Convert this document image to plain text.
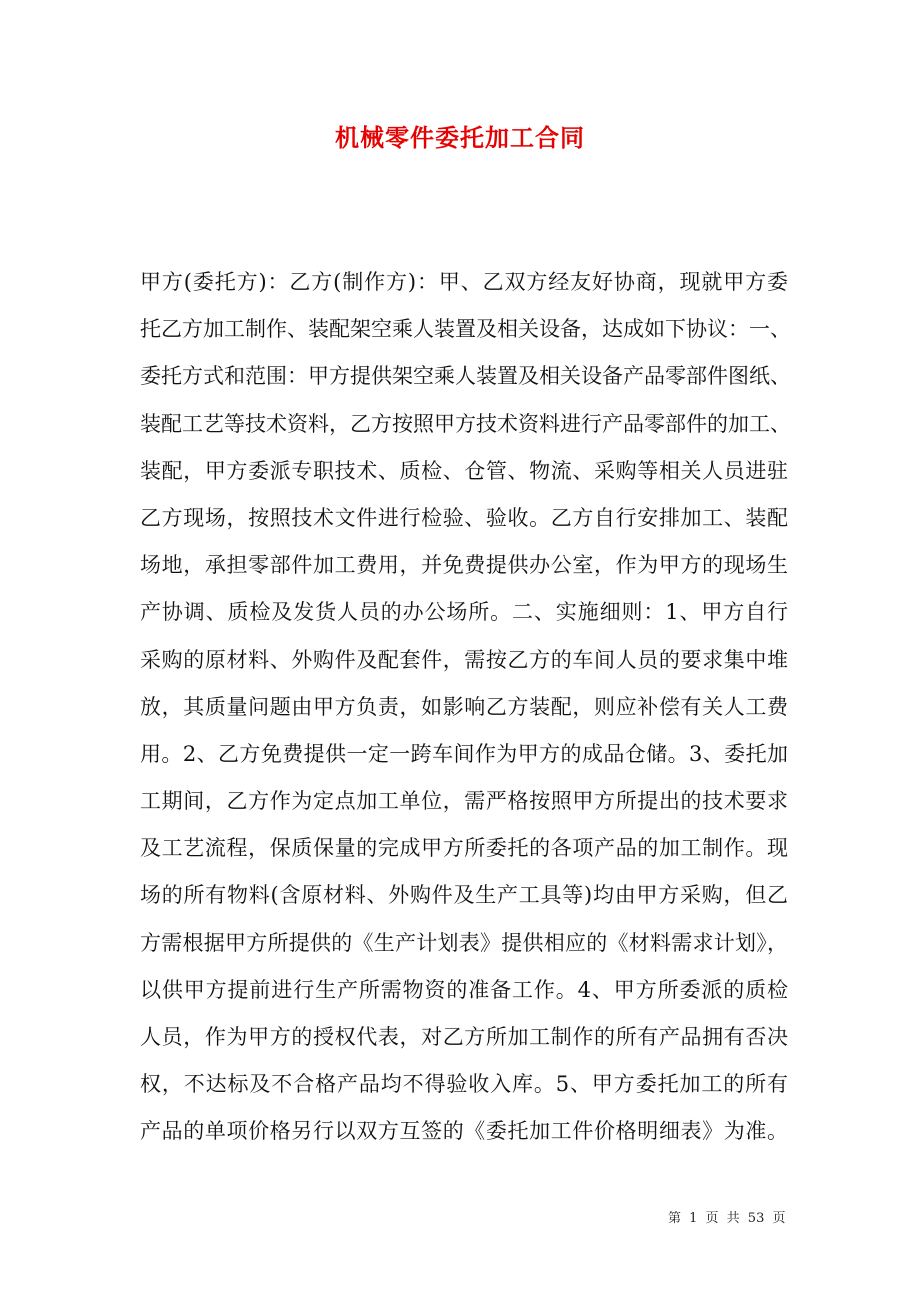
机械零件委托加工合同
甲方(委托方)：乙方(制作方)：甲、乙双方经友好协商，现就甲方委
托乙方加工制作、装配架空乘人装置及相关设备，达成如下协议：一、
委托方式和范围：甲方提供架空乘人装置及相关设备产品零部件图纸、
装配工艺等技术资料，乙方按照甲方技术资料进行产品零部件的加工、
装配，甲方委派专职技术、质检、仓管、物流、采购等相关人员进驻
乙方现场，按照技术文件进行检验、验收。乙方自行安排加工、装配
场地，承担零部件加工费用，并免费提供办公室，作为甲方的现场生
产协调、质检及发货人员的办公场所。二、实施细则：1、甲方自行
采购的原材料、外购件及配套件，需按乙方的车间人员的要求集中堆
放，其质量问题由甲方负责，如影响乙方装配，则应补偿有关人工费
用。2、乙方免费提供一定一跨车间作为甲方的成品仓储。3、委托加
工期间，乙方作为定点加工单位，需严格按照甲方所提出的技术要求
及工艺流程，保质保量的完成甲方所委托的各项产品的加工制作。现
场的所有物料(含原材料、外购件及生产工具等)均由甲方采购，但乙
方需根据甲方所提供的《生产计划表》提供相应的《材料需求计划》，
以供甲方提前进行生产所需物资的准备工作。4、甲方所委派的质检
人员，作为甲方的授权代表，对乙方所加工制作的所有产品拥有否决
权，不达标及不合格产品均不得验收入库。5、甲方委托加工的所有
产品的单项价格另行以双方互签的《委托加工件价格明细表》为准。
第 1 页 共 53 页
